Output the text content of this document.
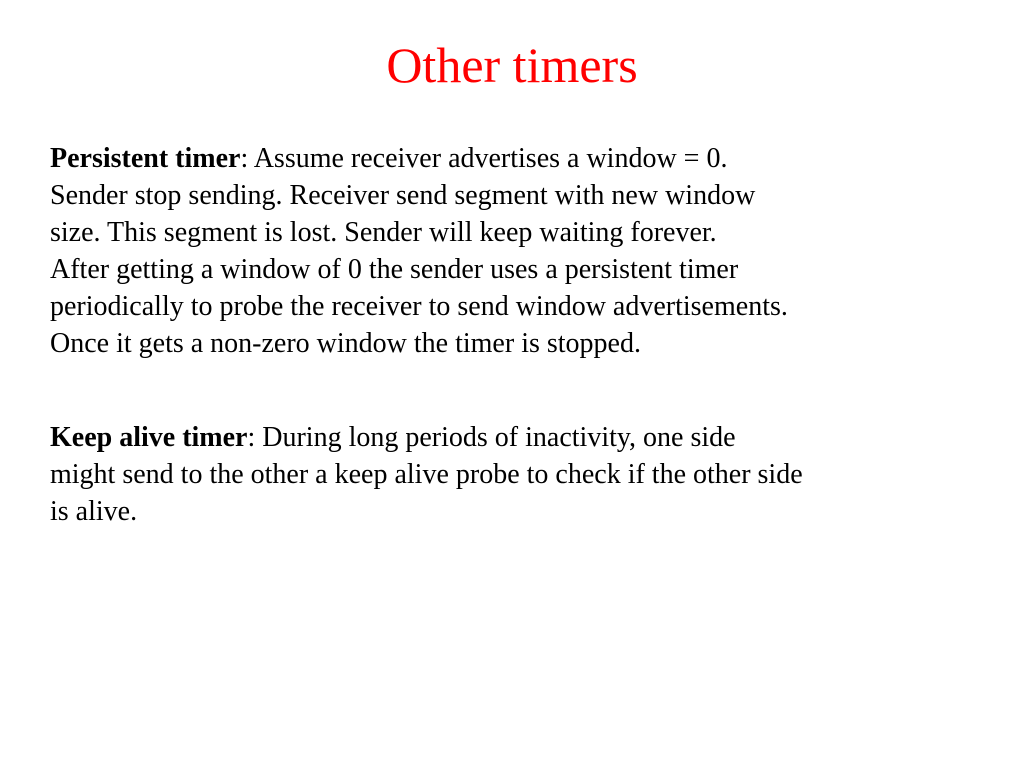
Other timers
Persistent timer: Assume receiver advertises a window = 0.
Sender stop sending. Receiver send segment with new window
size. This segment is lost. Sender will keep waiting forever.
After getting a window of 0 the sender uses a persistent timer
periodically to probe the receiver to send window advertisements.
Once it gets a non-zero window the timer is stopped.
Keep alive timer: During long periods of inactivity, one side
might send to the other a keep alive probe to check if the other side
is alive.
